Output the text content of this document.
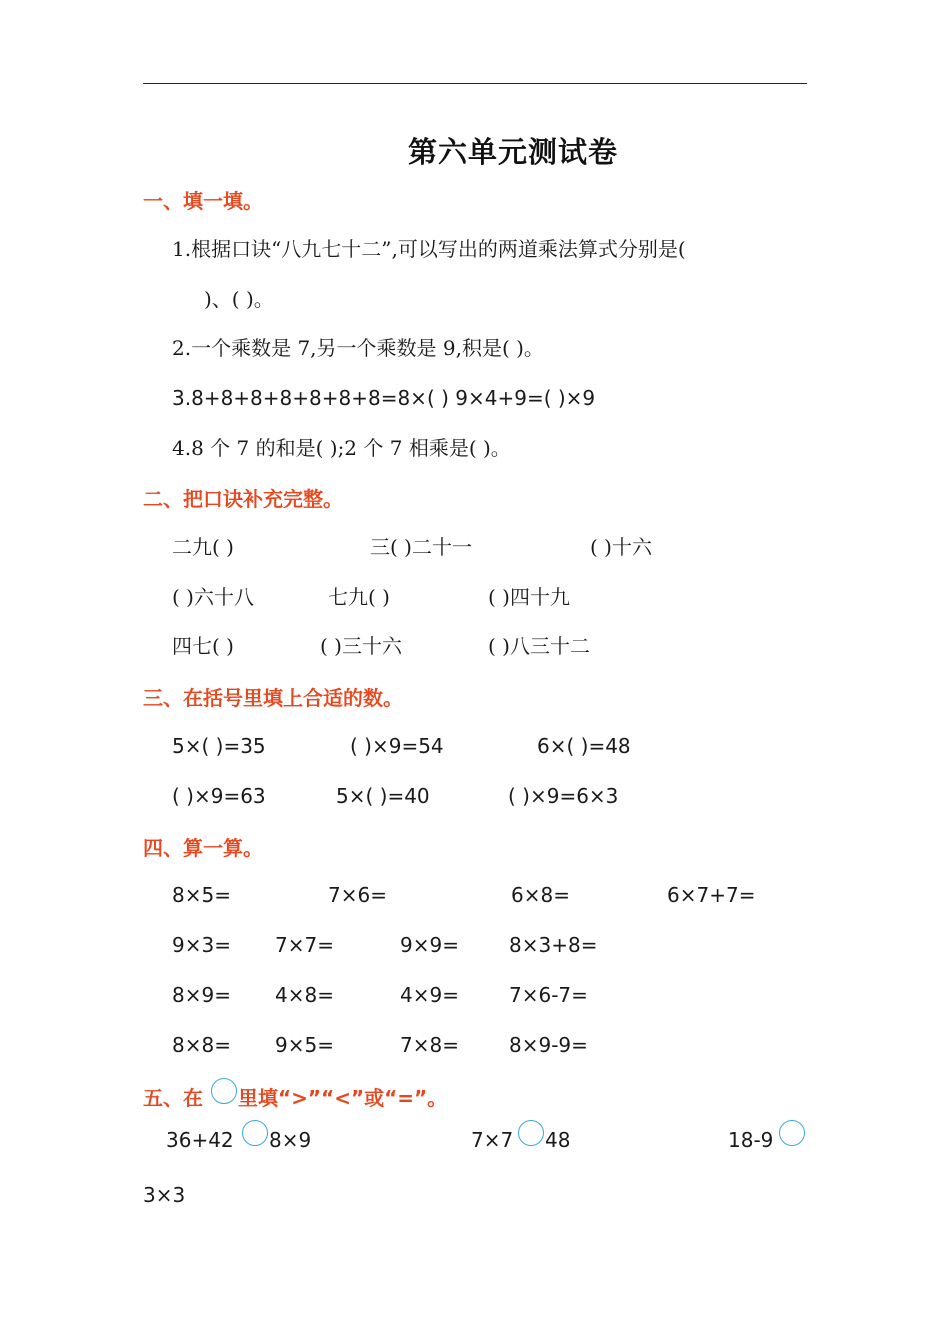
第六单元测试卷
一、填一填。
1.根据口诀“八九七十二”,可以写出的两道乘法算式分别是(
)、( )。
2.一个乘数是 7,另一个乘数是 9,积是( )。
3.8+8+8+8+8+8+8=8×( ) 9×4+9=( )×9
4.8 个 7 的和是( );2 个 7 相乘是( )。
二、把口诀补充完整。
二九( )	三( )二十一	( )十六
( )六十八	七九( )	( )四十九
四七( )	( )三十六	( )八三十二
三、在括号里填上合适的数。
5×( )=35	( )×9=54	6×( )=48
( )×9=63	5×( )=40	( )×9=6×3
四、算一算。
8×5=	7×6=	6×8=	6×7+7=
9×3= 7×7=	9×9=	8×3+8=
8×9= 4×8=	4×9=	7×6-7=
8×8= 9×5=	7×8=	8×9-9=
五、在 里填“>”“<”或“=”。
36+42 8×9	7×7 48	18-9
3×3
